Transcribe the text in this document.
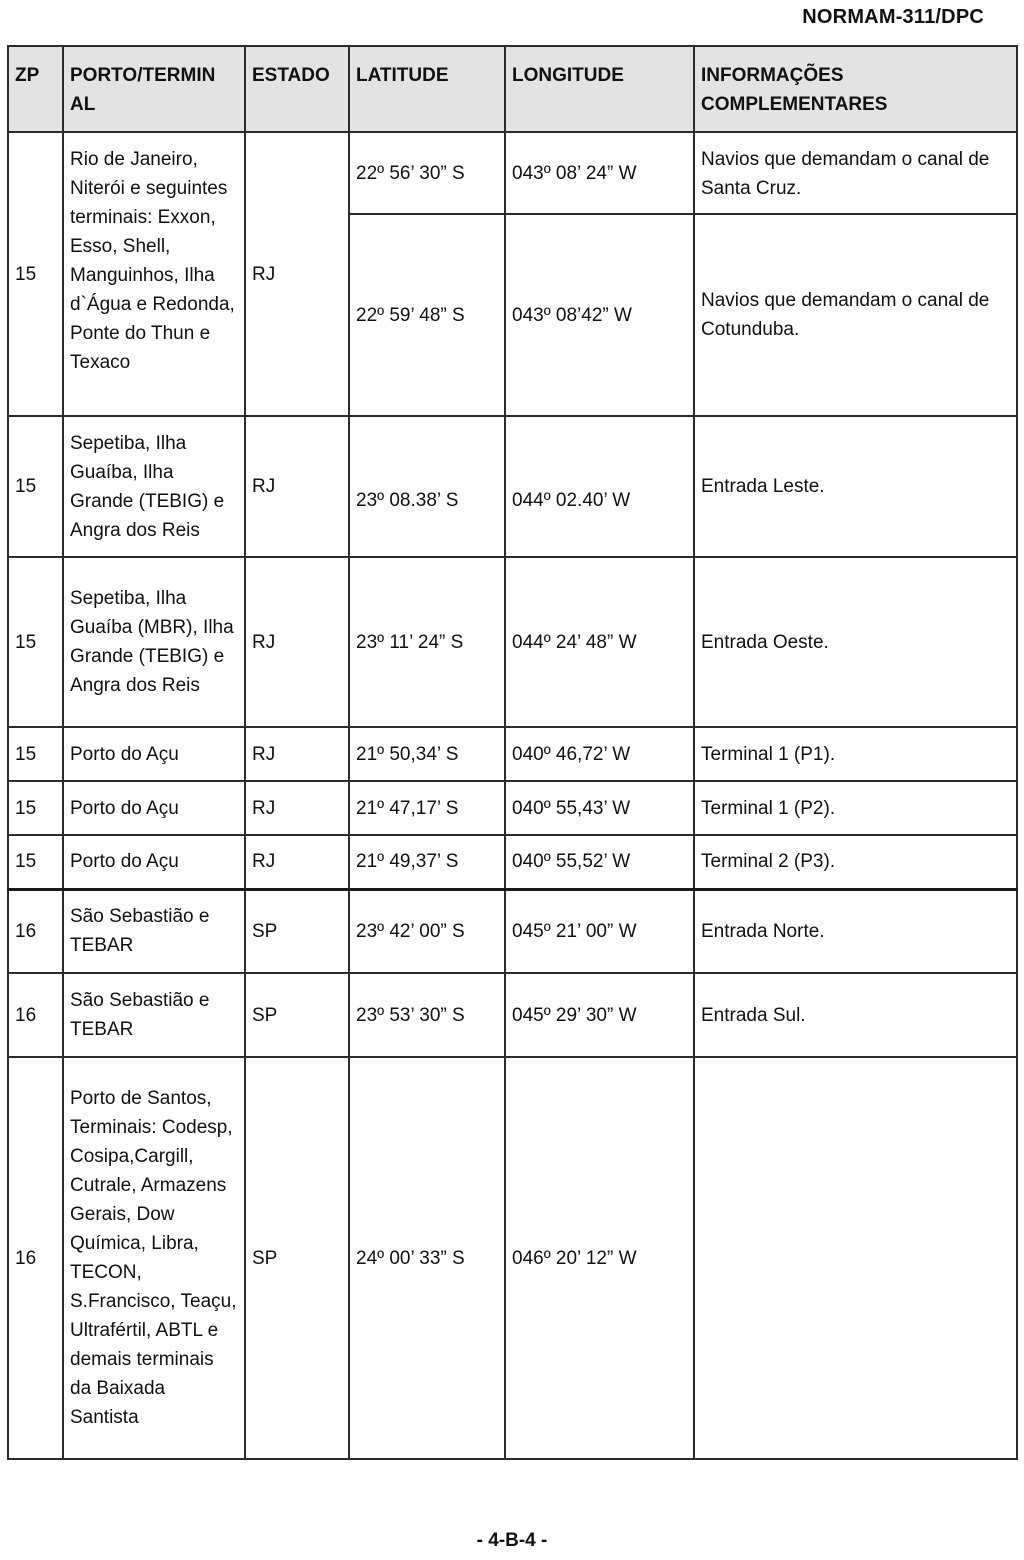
NORMAM-311/DPC
ZP	PORTO/TERMIN AL	ESTADO	LATITUDE	LONGITUDE	INFORMAÇÕES COMPLEMENTARES
15	Rio de Janeiro, Niterói e seguintes terminais: Exxon, Esso, Shell, Manguinhos, Ilha d`Água e Redonda, Ponte do Thun e Texaco	RJ	22º 56’ 30” S	043º 08’ 24” W	Navios que demandam o canal de Santa Cruz.
			22º 59’ 48” S	043º 08’42” W	Navios que demandam o canal de Cotunduba.
15	Sepetiba, Ilha Guaíba, Ilha Grande (TEBIG) e Angra dos Reis	RJ	23º 08.38’ S	044º 02.40’ W	Entrada Leste.
15	Sepetiba, Ilha Guaíba (MBR), Ilha Grande (TEBIG) e Angra dos Reis	RJ	23º 11’ 24” S	044º 24’ 48” W	Entrada Oeste.
15	Porto do Açu	RJ	21º 50,34’ S	040º 46,72’ W	Terminal 1 (P1).
15	Porto do Açu	RJ	21º 47,17’ S	040º 55,43’ W	Terminal 1 (P2).
15	Porto do Açu	RJ	21º 49,37’ S	040º 55,52’ W	Terminal 2 (P3).
16	São Sebastião e TEBAR	SP	23º 42’ 00” S	045º 21’ 00” W	Entrada Norte.
16	São Sebastião e TEBAR	SP	23º 53’ 30” S	045º 29’ 30” W	Entrada Sul.
16	Porto de Santos, Terminais: Codesp, Cosipa,Cargill, Cutrale, Armazens Gerais, Dow Química, Libra, TECON, S.Francisco, Teaçu, Ultrafértil, ABTL e demais terminais da Baixada Santista	SP	24º 00’ 33” S	046º 20’ 12” W	
- 4-B-4 -
